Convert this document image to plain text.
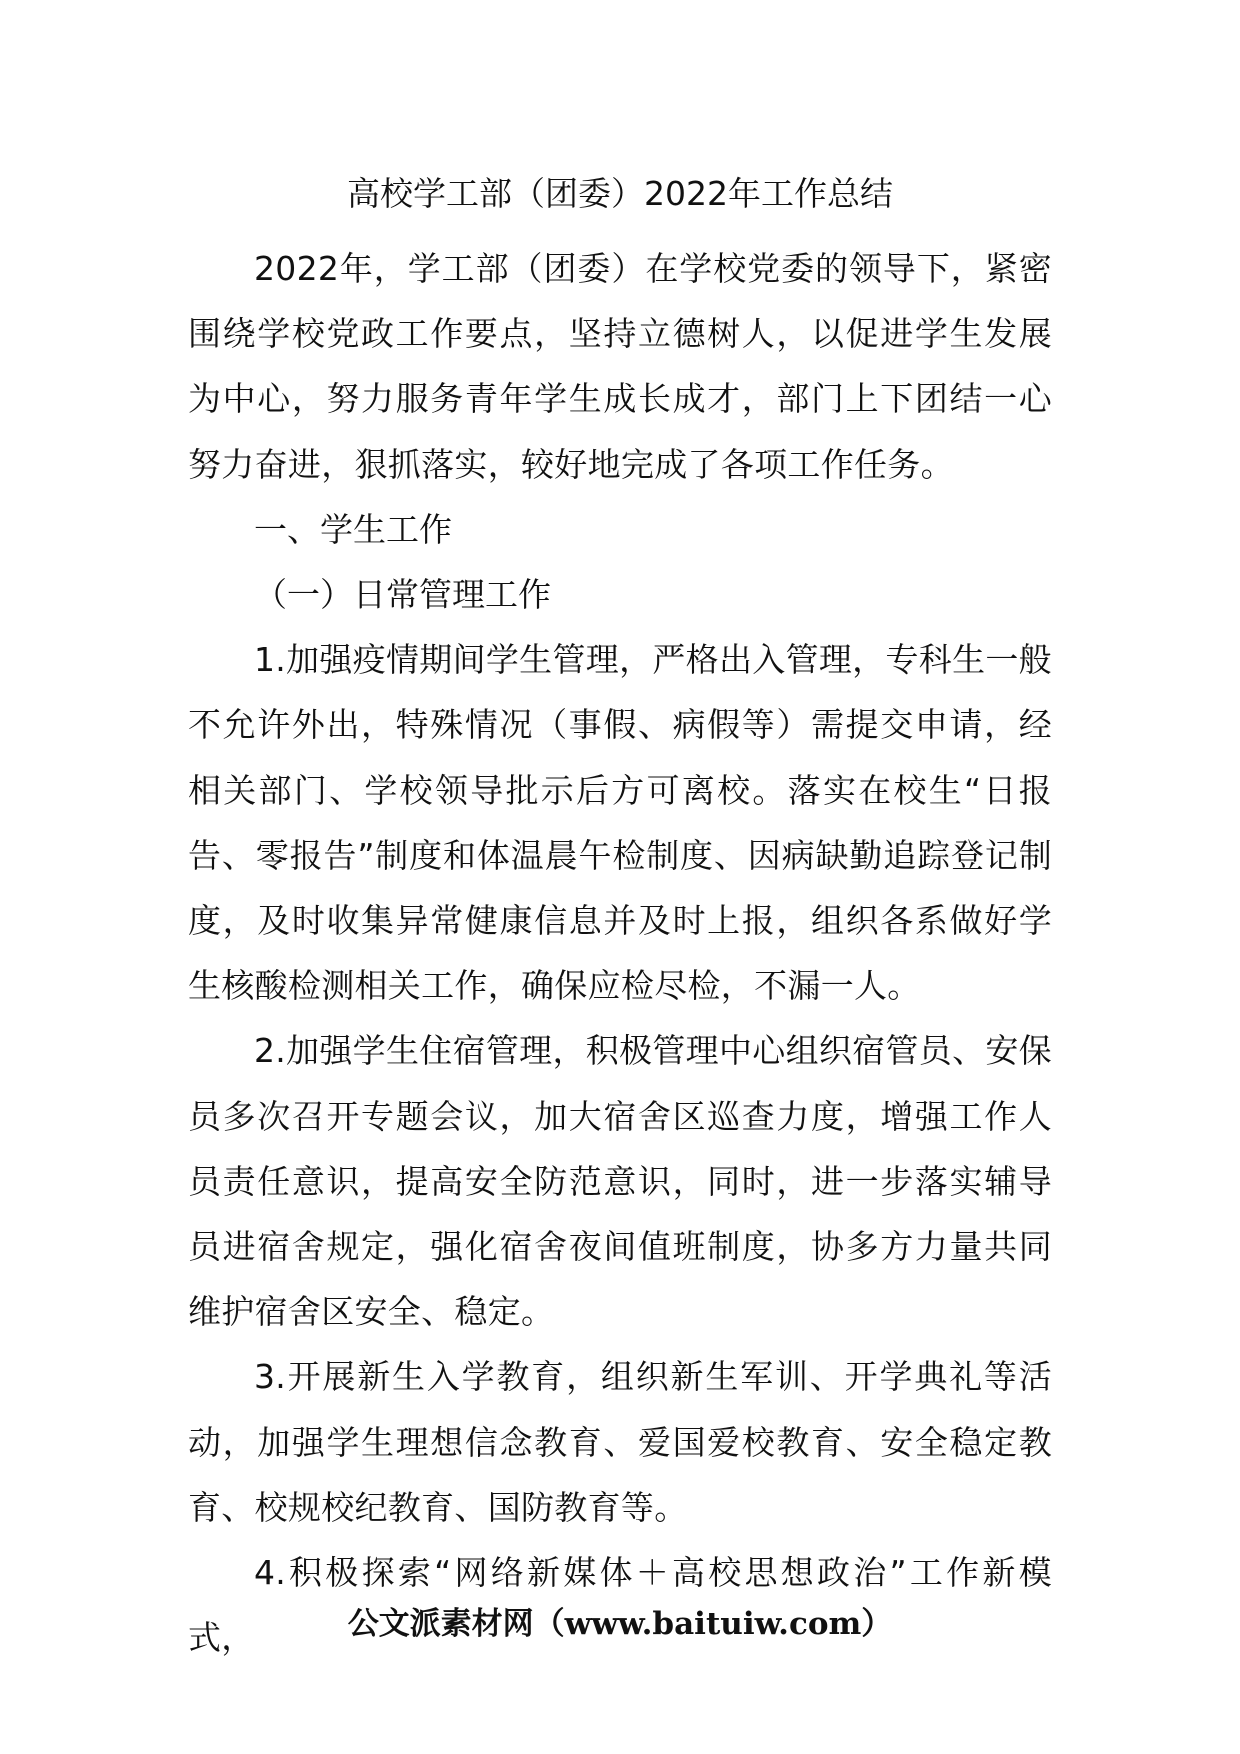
高校学工部（团委）2022年工作总结

2022年，学工部（团委）在学校党委的领导下，紧密围绕学校党政工作要点，坚持立德树人，以促进学生发展为中心，努力服务青年学生成长成才，部门上下团结一心努力奋进，狠抓落实，较好地完成了各项工作任务。

一、学生工作

（一）日常管理工作

1.加强疫情期间学生管理，严格出入管理，专科生一般不允许外出，特殊情况（事假、病假等）需提交申请，经相关部门、学校领导批示后方可离校。落实在校生“日报告、零报告”制度和体温晨午检制度、因病缺勤追踪登记制度，及时收集异常健康信息并及时上报，组织各系做好学生核酸检测相关工作，确保应检尽检，不漏一人。

2.加强学生住宿管理，积极管理中心组织宿管员、安保员多次召开专题会议，加大宿舍区巡查力度，增强工作人员责任意识，提高安全防范意识，同时，进一步落实辅导员进宿舍规定，强化宿舍夜间值班制度，协多方力量共同维护宿舍区安全、稳定。

3.开展新生入学教育，组织新生军训、开学典礼等活动，加强学生理想信念教育、爱国爱校教育、安全稳定教育、校规校纪教育、国防教育等。

4.积极探索“网络新媒体＋高校思想政治”工作新模式，	公文派素材网（www.baituiw.com）
